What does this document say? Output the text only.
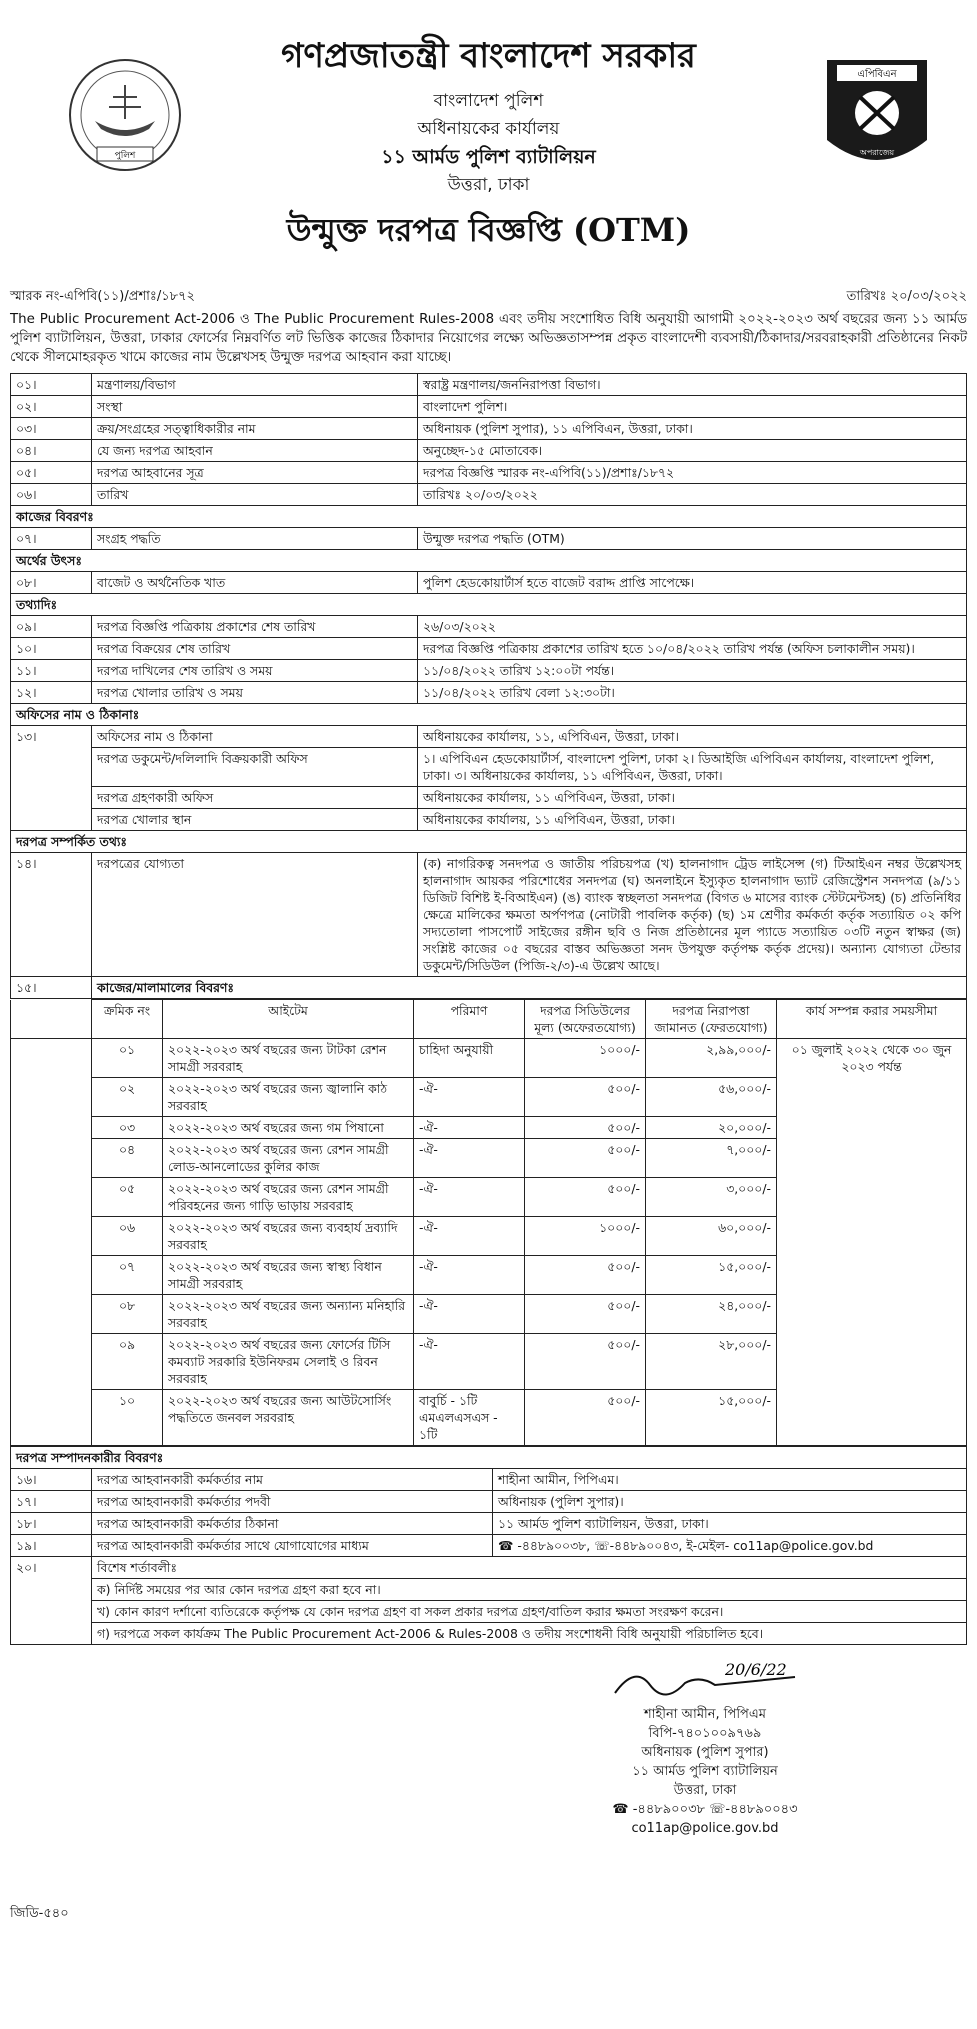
পুলিশ
গণপ্রজাতন্ত্রী বাংলাদেশ সরকার
বাংলাদেশ পুলিশ
অধিনায়কের কার্যালয়
১১ আর্মড পুলিশ ব্যাটালিয়ন
উত্তরা, ঢাকা
উন্মুক্ত দরপত্র বিজ্ঞপ্তি (OTM)
এপিবিএন
অপরাজেয়
স্মারক নং-এপিবি(১১)/প্রশাঃ/১৮৭২	তারিখঃ ২০/০৩/২০২২
The Public Procurement Act-2006 ও The Public Procurement Rules-2008 এবং তদীয় সংশোধিত বিধি অনুযায়ী আগামী ২০২২-২০২৩ অর্থ বছরের জন্য ১১ আর্মড পুলিশ ব্যাটালিয়ন, উত্তরা, ঢাকার ফোর্সের নিম্নবর্ণিত লট ভিত্তিক কাজের ঠিকাদার নিয়োগের লক্ষ্যে অভিজ্ঞতাসম্পন্ন প্রকৃত বাংলাদেশী ব্যবসায়ী/ঠিকাদার/সরবরাহকারী প্রতিষ্ঠানের নিকট থেকে সীলমোহরকৃত খামে কাজের নাম উল্লেখসহ উন্মুক্ত দরপত্র আহবান করা যাচ্ছে।
০১।	মন্ত্রণালয়/বিভাগ	স্বরাষ্ট্র মন্ত্রণালয়/জননিরাপত্তা বিভাগ।
০২।	সংস্থা	বাংলাদেশ পুলিশ।
০৩।	ক্রয়/সংগ্রহের সত্ত্বাধিকারীর নাম	অধিনায়ক (পুলিশ সুপার), ১১ এপিবিএন, উত্তরা, ঢাকা।
০৪।	যে জন্য দরপত্র আহবান	অনুচ্ছেদ-১৫ মোতাবেক।
০৫।	দরপত্র আহবানের সূত্র	দরপত্র বিজ্ঞপ্তি স্মারক নং-এপিবি(১১)/প্রশাঃ/১৮৭২
০৬।	তারিখ	তারিখঃ ২০/০৩/২০২২
কাজের বিবরণঃ		
০৭।	সংগ্রহ পদ্ধতি	উন্মুক্ত দরপত্র পদ্ধতি (OTM)
অর্থের উৎসঃ		
০৮।	বাজেট ও অর্থনৈতিক খাত	পুলিশ হেডকোয়ার্টার্স হতে বাজেট বরাদ্দ প্রাপ্তি সাপেক্ষে।
তথ্যাদিঃ		
০৯।	দরপত্র বিজ্ঞপ্তি পত্রিকায় প্রকাশের শেষ তারিখ	২৬/০৩/২০২২
১০।	দরপত্র বিক্রয়ের শেষ তারিখ	দরপত্র বিজ্ঞপ্তি পত্রিকায় প্রকাশের তারিখ হতে ১০/০৪/২০২২ তারিখ পর্যন্ত (অফিস চলাকালীন সময়)।
১১।	দরপত্র দাখিলের শেষ তারিখ ও সময়	১১/০৪/২০২২ তারিখ ১২:০০টা পর্যন্ত।
১২।	দরপত্র খোলার তারিখ ও সময়	১১/০৪/২০২২ তারিখ বেলা ১২:৩০টা।
অফিসের নাম ও ঠিকানাঃ		
১৩।	অফিসের নাম ও ঠিকানা	অধিনায়কের কার্যালয়, ১১, এপিবিএন, উত্তরা, ঢাকা।
	দরপত্র ডকুমেন্ট/দলিলাদি বিক্রয়কারী অফিস	১। এপিবিএন হেডকোয়ার্টার্স, বাংলাদেশ পুলিশ, ঢাকা ২। ডিআইজি এপিবিএন কার্যালয়, বাংলাদেশ পুলিশ, ঢাকা। ৩। অধিনায়কের কার্যালয়, ১১ এপিবিএন, উত্তরা, ঢাকা।
	দরপত্র গ্রহণকারী অফিস	অধিনায়কের কার্যালয়, ১১ এপিবিএন, উত্তরা, ঢাকা।
	দরপত্র খোলার স্থান	অধিনায়কের কার্যালয়, ১১ এপিবিএন, উত্তরা, ঢাকা।
দরপত্র সম্পর্কিত তথ্যঃ		
১৪।	দরপত্রের যোগ্যতা	(ক) নাগরিকত্ব সনদপত্র ও জাতীয় পরিচয়পত্র (খ) হালনাগাদ ট্রেড লাইসেন্স (গ) টিআইএন নম্বর উল্লেখসহ হালনাগাদ আয়কর পরিশোধের সনদপত্র (ঘ) অনলাইনে ইস্যুকৃত হালনাগাদ ভ্যাট রেজিস্ট্রেশন সনদপত্র (৯/১১ ডিজিট বিশিষ্ট ই-বিআইএন) (ঙ) ব্যাংক স্বচ্ছলতা সনদপত্র (বিগত ৬ মাসের ব্যাংক স্টেটমেন্টসহ) (চ) প্রতিনিধির ক্ষেত্রে মালিকের ক্ষমতা অর্পণপত্র (নোটারী পাবলিক কর্তৃক) (ছ) ১ম শ্রেণীর কর্মকর্তা কর্তৃক সত্যায়িত ০২ কপি সদ্যতোলা পাসপোর্ট সাইজের রঙ্গীন ছবি ও নিজ প্রতিষ্ঠানের মূল প্যাডে সত্যায়িত ০৩টি নতুন স্বাক্ষর (জ) সংশ্লিষ্ট কাজের ০৫ বছরের বাস্তব অভিজ্ঞতা সনদ উপযুক্ত কর্তৃপক্ষ কর্তৃক প্রদেয়)। অন্যান্য যোগ্যতা টেন্ডার ডকুমেন্ট/সিডিউল (পিজি-২/৩)-এ উল্লেখ আছে।
১৫।	কাজের/মালামালের বিবরণঃ	
	ক্রমিক নং	আইটেম	পরিমাণ	দরপত্র সিডিউলের মূল্য (অফেরতযোগ্য)	দরপত্র নিরাপত্তা জামানত (ফেরতযোগ্য)	কার্য সম্পন্ন করার সময়সীমা
	০১	২০২২-২০২৩ অর্থ বছরের জন্য টাটকা রেশন সামগ্রী সরবরাহ	চাহিদা অনুযায়ী	১০০০/-	২,৯৯,০০০/-	০১ জুলাই ২০২২ থেকে ৩০ জুন ২০২৩ পর্যন্ত
	০২	২০২২-২০২৩ অর্থ বছরের জন্য জ্বালানি কাঠ সরবরাহ	-ঐ-	৫০০/-	৫৬,০০০/-	
	০৩	২০২২-২০২৩ অর্থ বছরের জন্য গম পিষানো	-ঐ-	৫০০/-	২০,০০০/-	
	০৪	২০২২-২০২৩ অর্থ বছরের জন্য রেশন সামগ্রী লোড-আনলোডের কুলির কাজ	-ঐ-	৫০০/-	৭,০০০/-	
	০৫	২০২২-২০২৩ অর্থ বছরের জন্য রেশন সামগ্রী পরিবহনের জন্য গাড়ি ভাড়ায় সরবরাহ	-ঐ-	৫০০/-	৩,০০০/-	
	০৬	২০২২-২০২৩ অর্থ বছরের জন্য ব্যবহার্য দ্রব্যাদি সরবরাহ	-ঐ-	১০০০/-	৬০,০০০/-	
	০৭	২০২২-২০২৩ অর্থ বছরের জন্য স্বাস্থ্য বিধান সামগ্রী সরবরাহ	-ঐ-	৫০০/-	১৫,০০০/-	
	০৮	২০২২-২০২৩ অর্থ বছরের জন্য অন্যান্য মনিহারি সরবরাহ	-ঐ-	৫০০/-	২৪,০০০/-	
	০৯	২০২২-২০২৩ অর্থ বছরের জন্য ফোর্সের টিসি কমব্যাট সরকারি ইউনিফরম সেলাই ও রিবন সরবরাহ	-ঐ-	৫০০/-	২৮,০০০/-	
	১০	২০২২-২০২৩ অর্থ বছরের জন্য আউটসোর্সিং পদ্ধতিতে জনবল সরবরাহ	বাবুর্চি - ১টি এমএলএসএস - ১টি	৫০০/-	১৫,০০০/-	
দরপত্র সম্পাদনকারীর বিবরণঃ		
১৬।	দরপত্র আহবানকারী কর্মকর্তার নাম	শাহীনা আমীন, পিপিএম।
১৭।	দরপত্র আহবানকারী কর্মকর্তার পদবী	অধিনায়ক (পুলিশ সুপার)।
১৮।	দরপত্র আহবানকারী কর্মকর্তার ঠিকানা	১১ আর্মড পুলিশ ব্যাটালিয়ন, উত্তরা, ঢাকা।
১৯।	দরপত্র আহবানকারী কর্মকর্তার সাথে যোগাযোগের মাধ্যম	☎ -৪৪৮৯০০৩৮, ☏-৪৪৮৯০০৪৩, ই-মেইল- co11ap@police.gov.bd
২০।	বিশেষ শর্তাবলীঃ	
	ক) নির্দিষ্ট সময়ের পর আর কোন দরপত্র গ্রহণ করা হবে না।	
	খ) কোন কারণ দর্শানো ব্যতিরেকে কর্তৃপক্ষ যে কোন দরপত্র গ্রহণ বা সকল প্রকার দরপত্র গ্রহণ/বাতিল করার ক্ষমতা সংরক্ষণ করেন।	
	গ) দরপত্রে সকল কার্যক্রম The Public Procurement Act-2006 & Rules-2008 ও তদীয় সংশোধনী বিধি অনুযায়ী পরিচালিত হবে।	
20/6/22
শাহীনা আমীন, পিপিএম
বিপি-৭৪০১০০৯৭৬৯
অধিনায়ক (পুলিশ সুপার)
১১ আর্মড পুলিশ ব্যাটালিয়ন
উত্তরা, ঢাকা
☎ -৪৪৮৯০০৩৮ ☏-৪৪৮৯০০৪৩
co11ap@police.gov.bd
জিডি-৫৪০
